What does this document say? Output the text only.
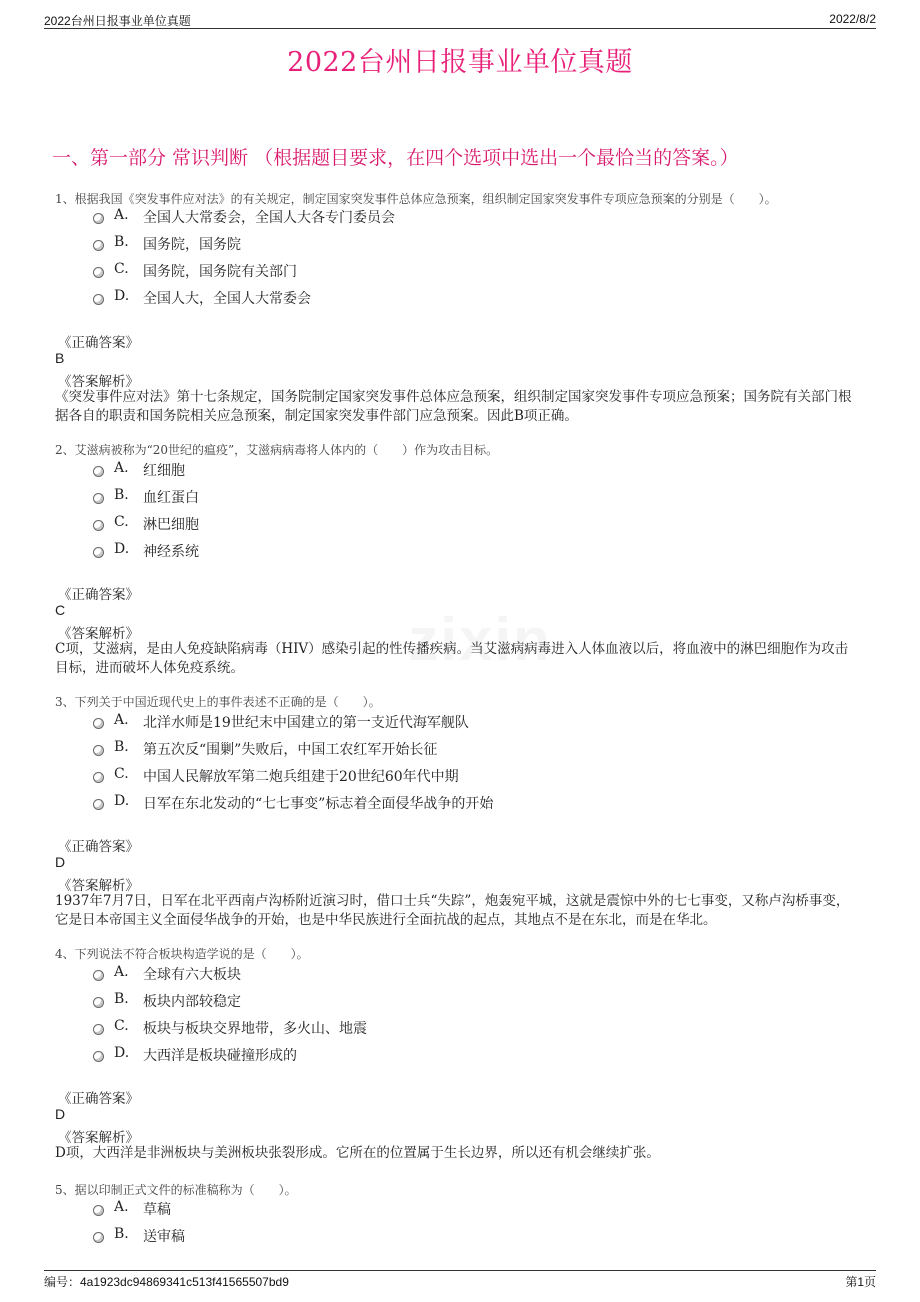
2022台州日报事业单位真题	2022/8/2
2022台州日报事业单位真题
一、第一部分 常识判断 （根据题目要求，在四个选项中选出一个最恰当的答案。）
zixin
1、根据我国《突发事件应对法》的有关规定，制定国家突发事件总体应急预案，组织制定国家突发事件专项应急预案的分别是（　　）。
A. 全国人大常委会，全国人大各专门委员会
B. 国务院，国务院
C. 国务院，国务院有关部门
D. 全国人大，全国人大常委会
《正确答案》
B
《答案解析》
《突发事件应对法》第十七条规定，国务院制定国家突发事件总体应急预案，组织制定国家突发事件专项应急预案；国务院有关部门根据各自的职责和国务院相关应急预案，制定国家突发事件部门应急预案。因此B项正确。
2、艾滋病被称为“20世纪的瘟疫”，艾滋病病毒将人体内的（　　）作为攻击目标。
A. 红细胞
B. 血红蛋白
C. 淋巴细胞
D. 神经系统
《正确答案》
C
《答案解析》
C项，艾滋病，是由人免疫缺陷病毒（HIV）感染引起的性传播疾病。当艾滋病病毒进入人体血液以后，将血液中的淋巴细胞作为攻击目标，进而破坏人体免疫系统。
3、下列关于中国近现代史上的事件表述不正确的是（　　）。
A. 北洋水师是19世纪末中国建立的第一支近代海军舰队
B. 第五次反“围剿”失败后，中国工农红军开始长征
C. 中国人民解放军第二炮兵组建于20世纪60年代中期
D. 日军在东北发动的“七七事变”标志着全面侵华战争的开始
《正确答案》
D
《答案解析》
1937年7月7日，日军在北平西南卢沟桥附近演习时，借口士兵“失踪”，炮轰宛平城，这就是震惊中外的七七事变，又称卢沟桥事变，它是日本帝国主义全面侵华战争的开始，也是中华民族进行全面抗战的起点，其地点不是在东北，而是在华北。
4、下列说法不符合板块构造学说的是（　　）。
A. 全球有六大板块
B. 板块内部较稳定
C. 板块与板块交界地带，多火山、地震
D. 大西洋是板块碰撞形成的
《正确答案》
D
《答案解析》
D项，大西洋是非洲板块与美洲板块张裂形成。它所在的位置属于生长边界，所以还有机会继续扩张。
5、据以印制正式文件的标准稿称为（　　）。
A. 草稿
B. 送审稿
编号：4a1923dc94869341c513f41565507bd9	第1页
